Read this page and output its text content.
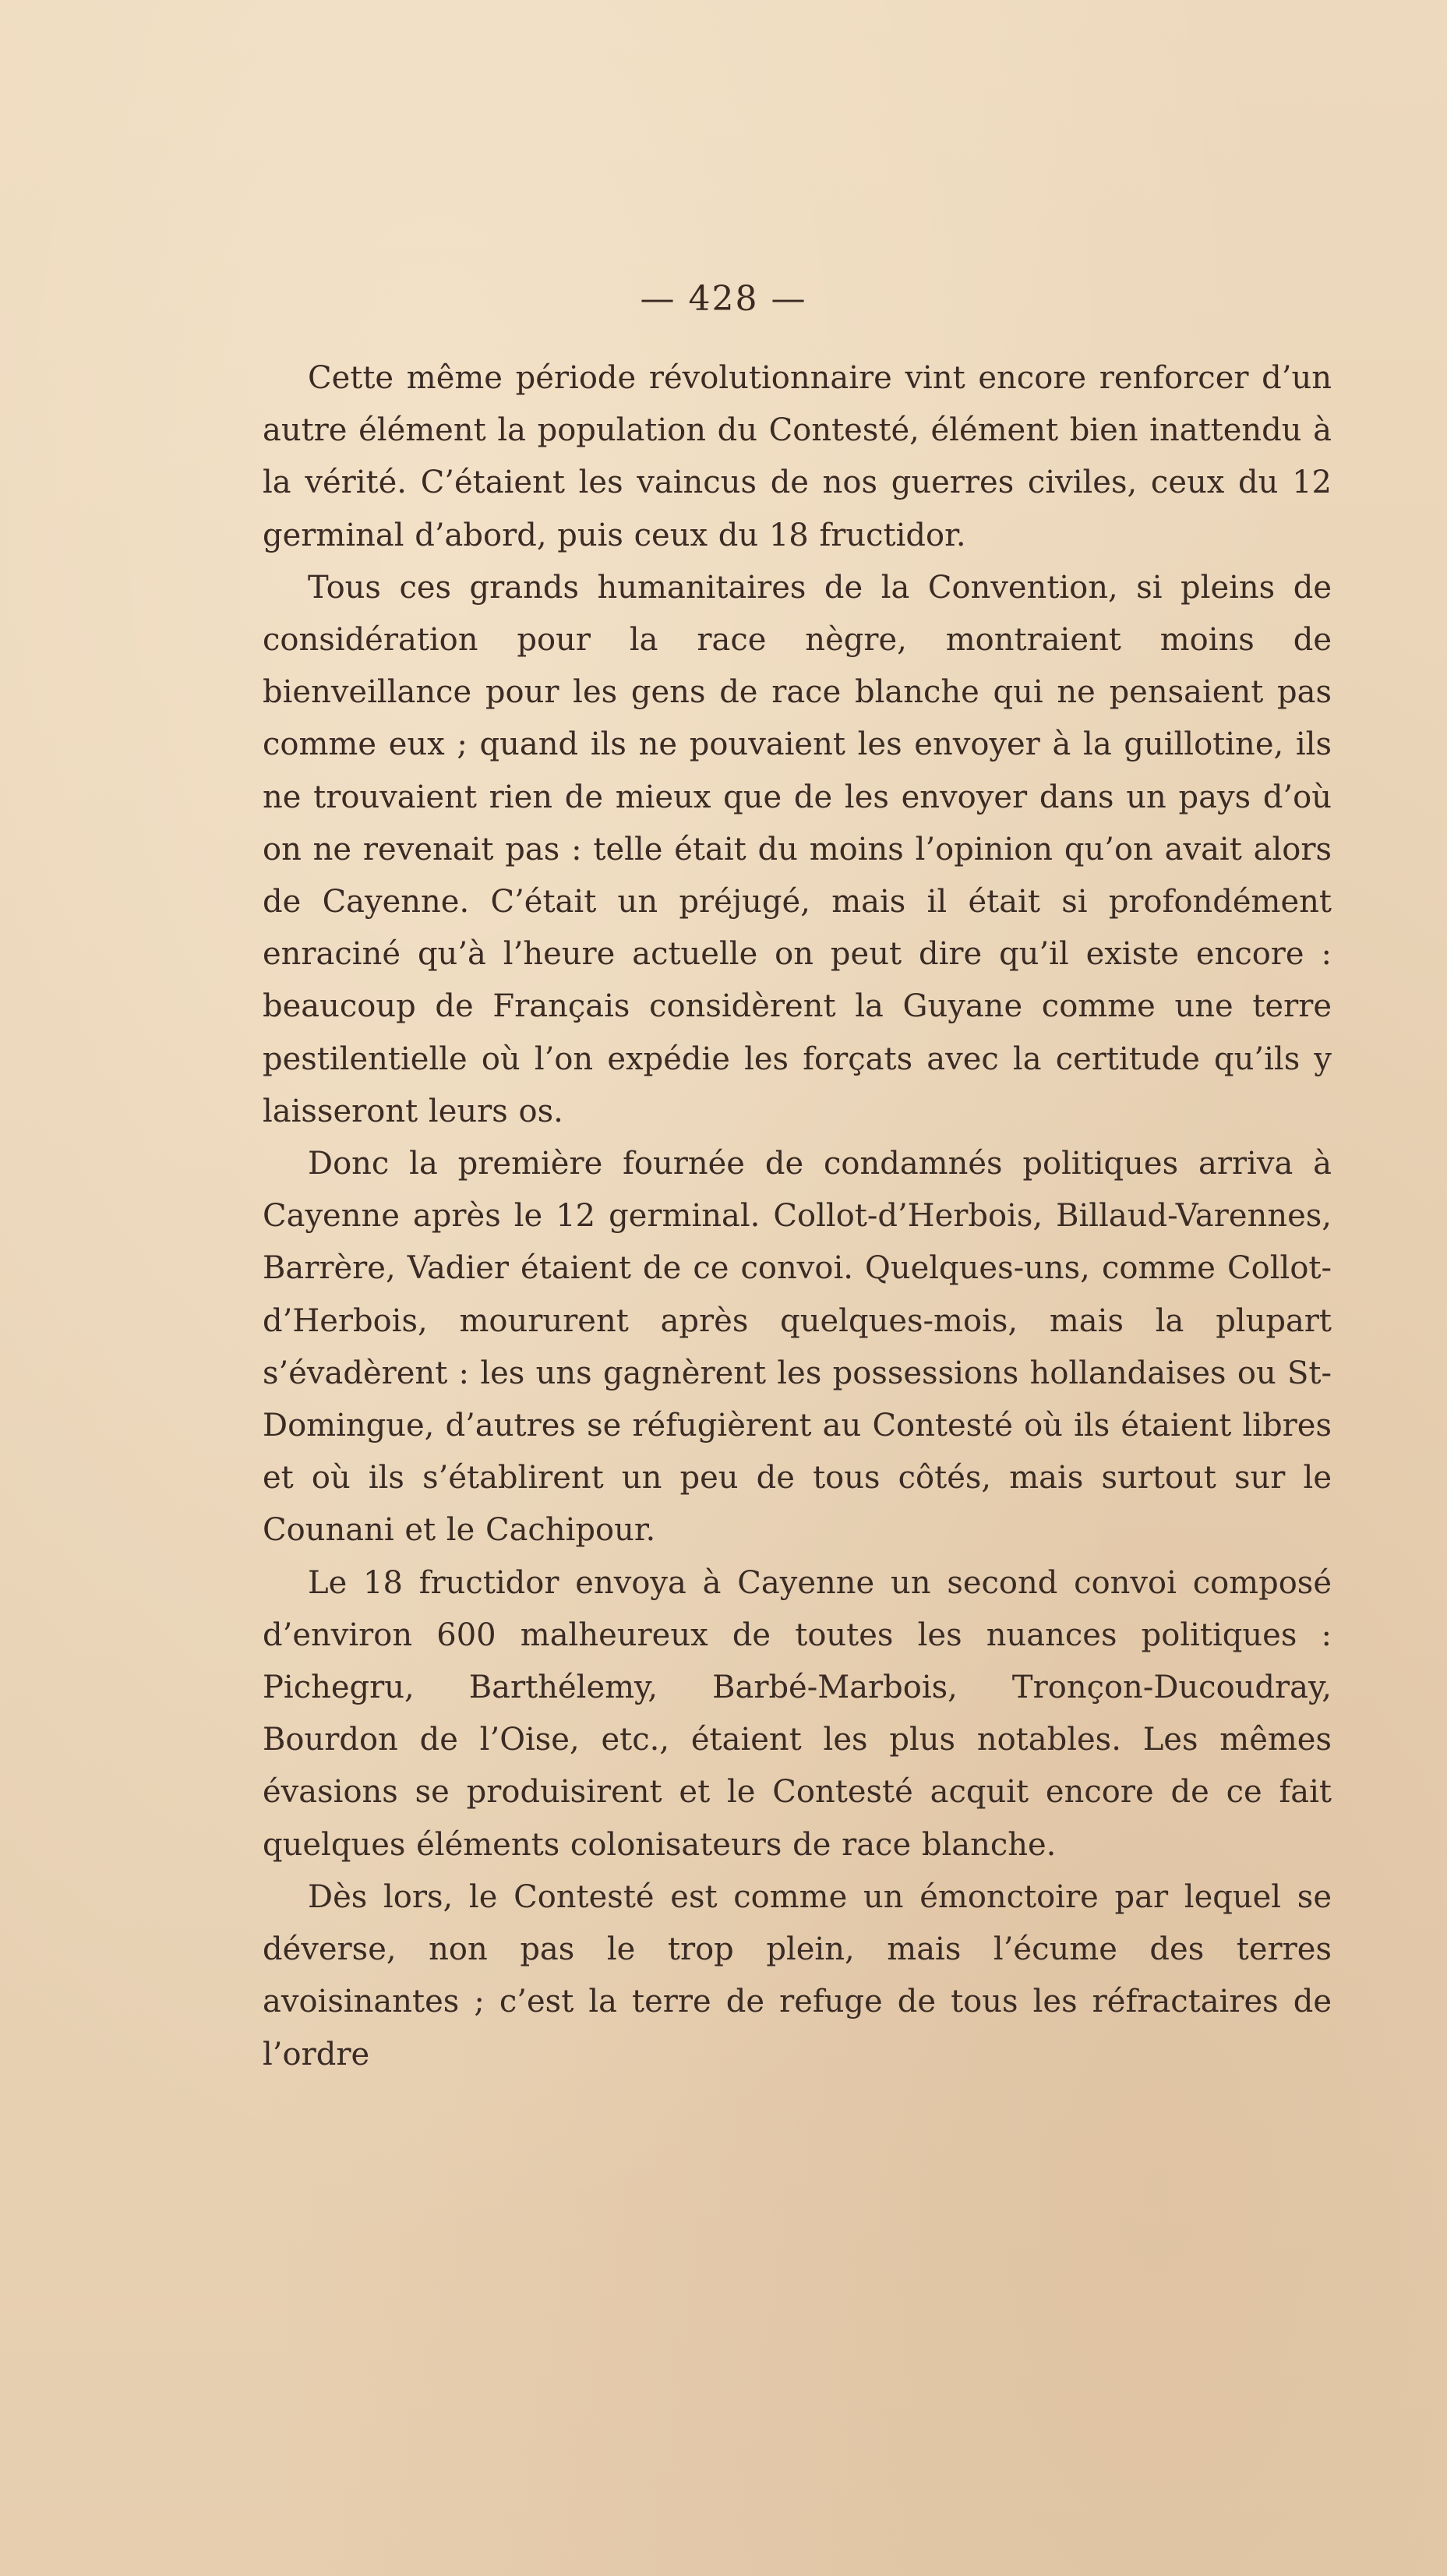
— 428 —

Cette même période révolutionnaire vint encore renforcer d’un autre élément la population du Contesté, élément bien inattendu à la vérité. C’étaient les vaincus de nos guerres civiles, ceux du 12 germinal d’abord, puis ceux du 18 fructidor.

Tous ces grands humanitaires de la Convention, si pleins de considération pour la race nègre, montraient moins de bienveillance pour les gens de race blanche qui ne pensaient pas comme eux ; quand ils ne pouvaient les envoyer à la guillotine, ils ne trouvaient rien de mieux que de les envoyer dans un pays d’où on ne revenait pas : telle était du moins l’opinion qu’on avait alors de Cayenne. C’était un préjugé, mais il était si profondément enraciné qu’à l’heure actuelle on peut dire qu’il existe encore : beaucoup de Français considèrent la Guyane comme une terre pestilentielle où l’on expédie les forçats avec la certitude qu’ils y laisseront leurs os.

Donc la première fournée de condamnés politiques arriva à Cayenne après le 12 germinal. Collot-d’Herbois, Billaud-Varennes, Barrère, Vadier étaient de ce convoi. Quelques-uns, comme Collot-d’Herbois, moururent après quelques-mois, mais la plupart s’évadèrent : les uns gagnèrent les possessions hollandaises ou St-Domingue, d’autres se réfugièrent au Contesté où ils étaient libres et où ils s’établirent un peu de tous côtés, mais surtout sur le Counani et le Cachipour.

Le 18 fructidor envoya à Cayenne un second convoi composé d’environ 600 malheureux de toutes les nuances politiques : Pichegru, Barthélemy, Barbé-Marbois, Tronçon-Ducoudray, Bourdon de l’Oise, etc., étaient les plus notables. Les mêmes évasions se produisirent et le Contesté acquit encore de ce fait quelques éléments colonisateurs de race blanche.

Dès lors, le Contesté est comme un émonctoire par lequel se déverse, non pas le trop plein, mais l’écume des terres avoisinantes ; c’est la terre de refuge de tous les réfractaires de l’ordre
